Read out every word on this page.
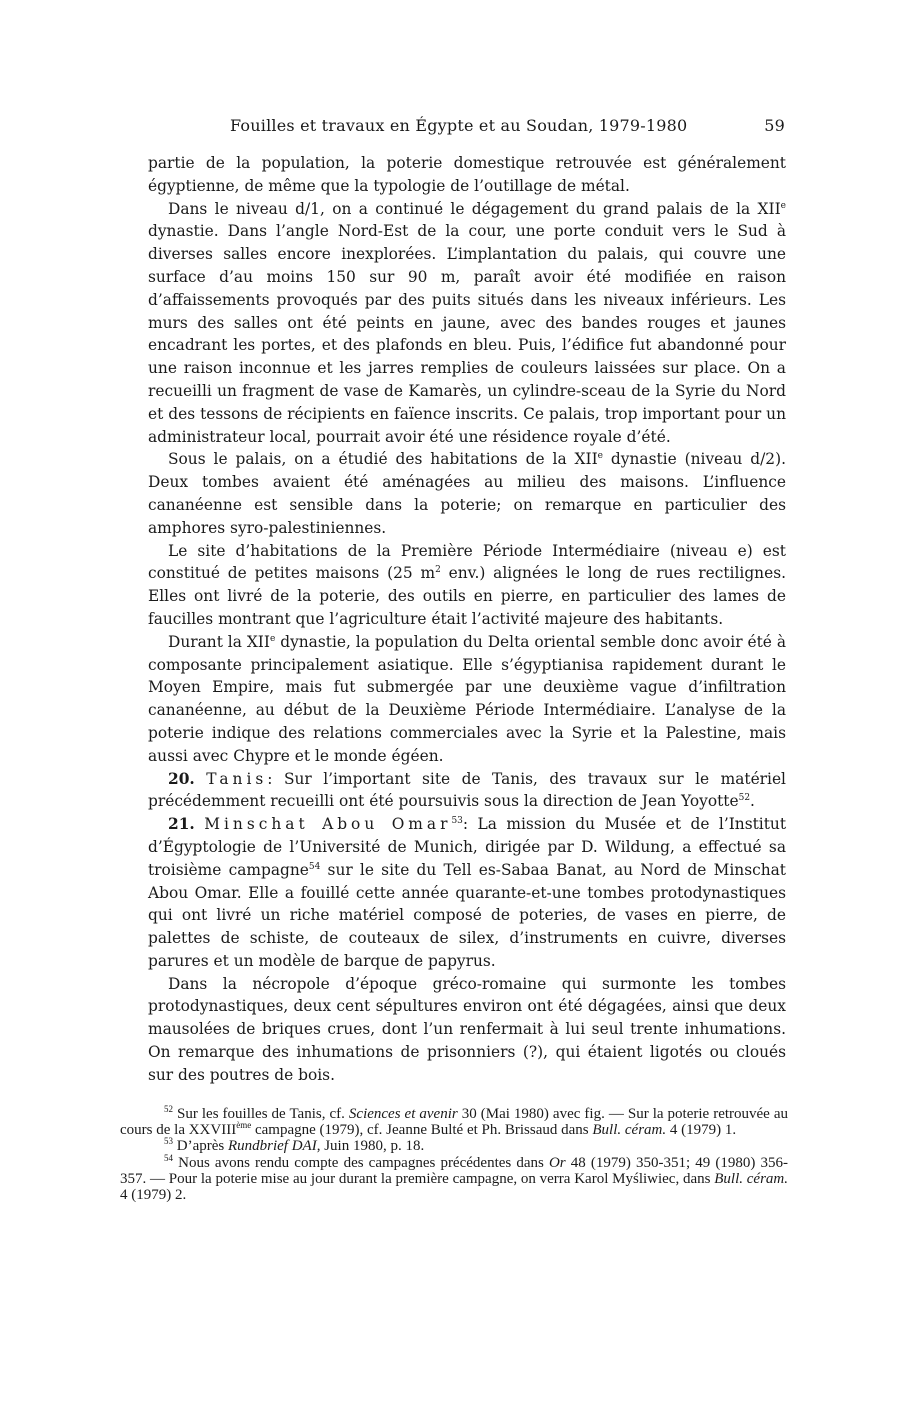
Fouilles et travaux en Égypte et au Soudan, 1979-1980	59

partie de la population, la poterie domestique retrouvée est généralement égyptienne, de même que la typologie de l’outillage de métal.

Dans le niveau d/1, on a continué le dégagement du grand palais de la XIIe dynastie. Dans l’angle Nord-Est de la cour, une porte conduit vers le Sud à diverses salles encore inexplorées. L’implantation du palais, qui couvre une surface d’au moins 150 sur 90 m, paraît avoir été modifiée en raison d’affaissements provoqués par des puits situés dans les niveaux inférieurs. Les murs des salles ont été peints en jaune, avec des bandes rouges et jaunes encadrant les portes, et des plafonds en bleu. Puis, l’édifice fut abandonné pour une raison inconnue et les jarres remplies de couleurs laissées sur place. On a recueilli un fragment de vase de Kamarès, un cylindre-sceau de la Syrie du Nord et des tessons de récipients en faïence inscrits. Ce palais, trop important pour un administrateur local, pourrait avoir été une résidence royale d’été.

Sous le palais, on a étudié des habitations de la XIIe dynastie (niveau d/2). Deux tombes avaient été aménagées au milieu des maisons. L’influence cananéenne est sensible dans la poterie; on remarque en particulier des amphores syro-palestiniennes.

Le site d’habitations de la Première Période Intermédiaire (niveau e) est constitué de petites maisons (25 $m^2$ env.) alignées le long de rues rectilignes. Elles ont livré de la poterie, des outils en pierre, en particulier des lames de faucilles montrant que l’agriculture était l’activité majeure des habitants.

Durant la XIIe dynastie, la population du Delta oriental semble donc avoir été à composante principalement asiatique. Elle s’égyptianisa rapidement durant le Moyen Empire, mais fut submergée par une deuxième vague d’infiltration cananéenne, au début de la Deuxième Période Intermédiaire. L’analyse de la poterie indique des relations commerciales avec la Syrie et la Palestine, mais aussi avec Chypre et le monde égéen.

20. Tanis: Sur l’important site de Tanis, des travaux sur le matériel précédemment recueilli ont été poursuivis sous la direction de Jean Yoyotte$^{52}$.

21. Minschat Abou Omar$^{53}$: La mission du Musée et de l’Institut d’Égyptologie de l’Université de Munich, dirigée par D. Wildung, a effectué sa troisième campagne$^{54}$ sur le site du Tell es-Sabaa Banat, au Nord de Minschat Abou Omar. Elle a fouillé cette année quarante-et-une tombes protodynastiques qui ont livré un riche matériel composé de poteries, de vases en pierre, de palettes de schiste, de couteaux de silex, d’instruments en cuivre, diverses parures et un modèle de barque de papyrus.

Dans la nécropole d’époque gréco-romaine qui surmonte les tombes protodynastiques, deux cent sépultures environ ont été dégagées, ainsi que deux mausolées de briques crues, dont l’un renfermait à lui seul trente inhumations. On remarque des inhumations de prisonniers (?), qui étaient ligotés ou cloués sur des poutres de bois.

$^{52}$ Sur les fouilles de Tanis, cf. Sciences et avenir 30 (Mai 1980) avec fig. — Sur la poterie retrouvée au cours de la XXVIIIème campagne (1979), cf. Jeanne Bulté et Ph. Brissaud dans Bull. céram. 4 (1979) 1.

$^{53}$ D’après Rundbrief DAI, Juin 1980, p. 18.

$^{54}$ Nous avons rendu compte des campagnes précédentes dans Or 48 (1979) 350-351; 49 (1980) 356-357. — Pour la poterie mise au jour durant la première campagne, on verra Karol Myśliwiec, dans Bull. céram. 4 (1979) 2.
